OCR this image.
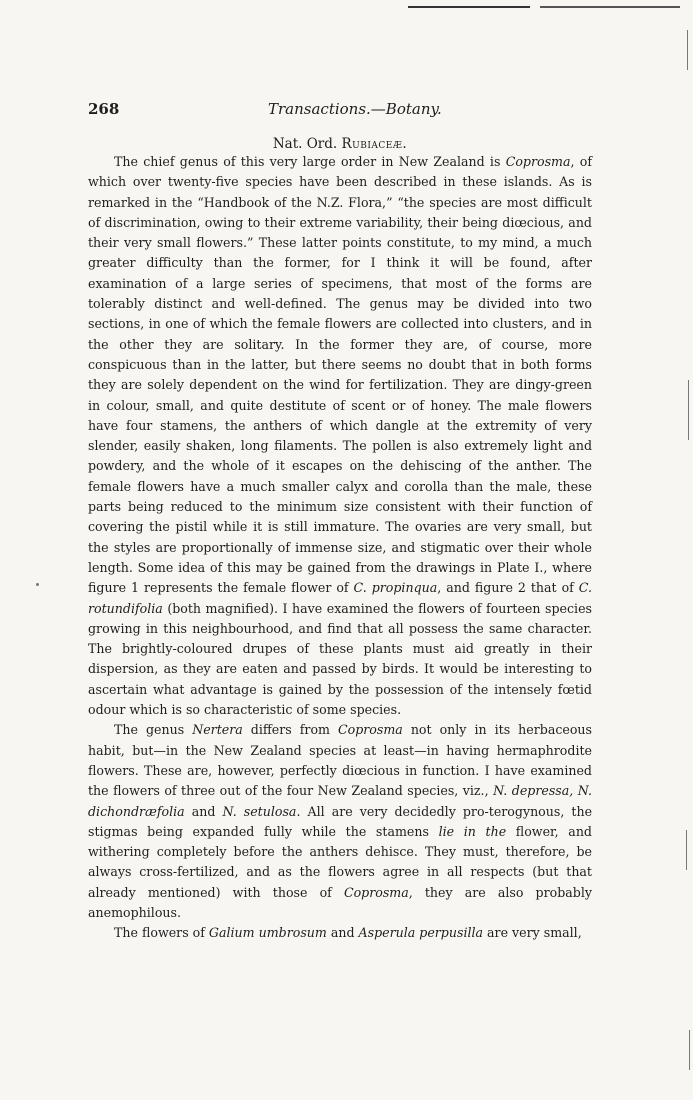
268	Transactions.—Botany.
Nat. Ord. Rubiaceæ.

The chief genus of this very large order in New Zealand is Coprosma, of which over twenty-five species have been described in these islands. As is remarked in the “Handbook of the N.Z. Flora,” “the species are most difficult of discrimination, owing to their extreme variability, their being diœcious, and their very small flowers.” These latter points constitute, to my mind, a much greater difficulty than the former, for I think it will be found, after examination of a large series of specimens, that most of the forms are tolerably distinct and well-defined. The genus may be divided into two sections, in one of which the female flowers are collected into clusters, and in the other they are solitary. In the former they are, of course, more conspicuous than in the latter, but there seems no doubt that in both forms they are solely dependent on the wind for fertilization. They are dingy-green in colour, small, and quite destitute of scent or of honey. The male flowers have four stamens, the anthers of which dangle at the extremity of very slender, easily shaken, long filaments. The pollen is also extremely light and powdery, and the whole of it escapes on the dehiscing of the anther. The female flowers have a much smaller calyx and corolla than the male, these parts being reduced to the minimum size consistent with their function of covering the pistil while it is still immature. The ovaries are very small, but the styles are proportionally of immense size, and stigmatic over their whole length. Some idea of this may be gained from the drawings in Plate I., where figure 1 represents the female flower of C. propinqua, and figure 2 that of C. rotundifolia (both magnified). I have examined the flowers of fourteen species growing in this neighbourhood, and find that all possess the same character. The brightly-coloured drupes of these plants must aid greatly in their dispersion, as they are eaten and passed by birds. It would be interesting to ascertain what advantage is gained by the possession of the intensely fœtid odour which is so characteristic of some species.

The genus Nertera differs from Coprosma not only in its herbaceous habit, but—in the New Zealand species at least—in having hermaphrodite flowers. These are, however, perfectly diœcious in function. I have examined the flowers of three out of the four New Zealand species, viz., N. depressa, N. dichondræfolia and N. setulosa. All are very decidedly pro-terogynous, the stigmas being expanded fully while the stamens lie in the flower, and withering completely before the anthers dehisce. They must, therefore, be always cross-fertilized, and as the flowers agree in all respects (but that already mentioned) with those of Coprosma, they are also probably anemophilous.

The flowers of Galium umbrosum and Asperula perpusilla are very small,
